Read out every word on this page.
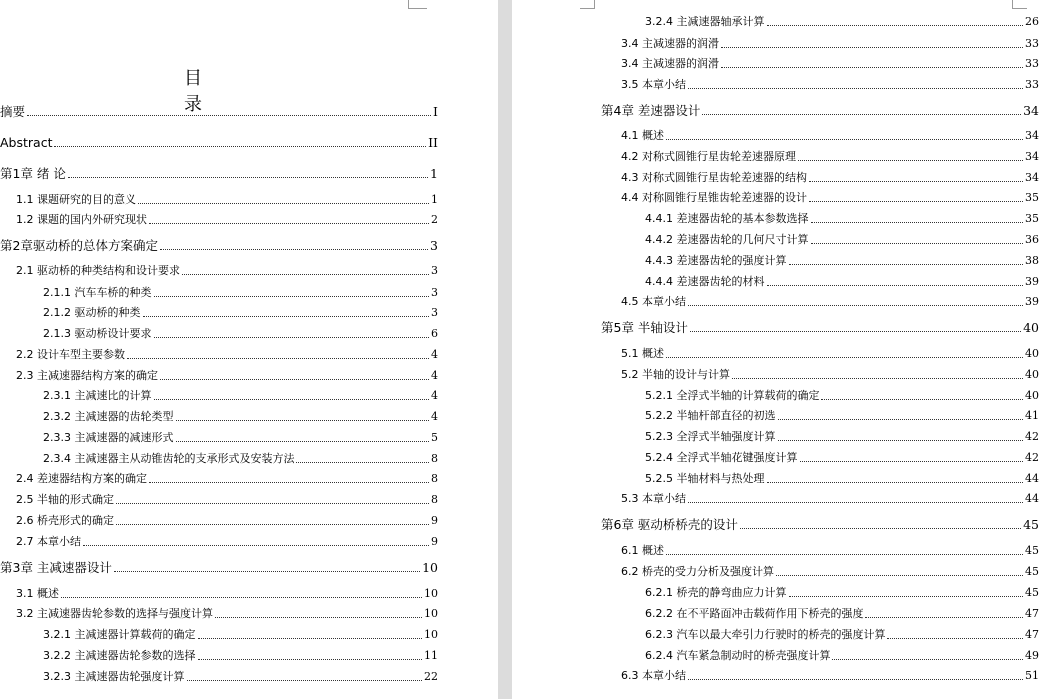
目 录
摘要	I
Abstract	II
第1章 绪 论	1
1.1 课题研究的目的意义	1
1.2 课题的国内外研究现状	2
第2章驱动桥的总体方案确定	3
2.1 驱动桥的种类结构和设计要求	3
2.1.1 汽车车桥的种类	3
2.1.2 驱动桥的种类	3
2.1.3 驱动桥设计要求	6
2.2 设计车型主要参数	4
2.3 主减速器结构方案的确定	4
2.3.1 主减速比的计算	4
2.3.2 主减速器的齿轮类型	4
2.3.3 主减速器的减速形式	5
2.3.4 主减速器主从动锥齿轮的支承形式及安装方法	8
2.4 差速器结构方案的确定	8
2.5 半轴的形式确定	8
2.6 桥壳形式的确定	9
2.7 本章小结	9
第3章 主减速器设计	10
3.1 概述	10
3.2 主减速器齿轮参数的选择与强度计算	10
3.2.1 主减速器计算载荷的确定	10
3.2.2 主减速器齿轮参数的选择	11
3.2.3 主减速器齿轮强度计算	22
3.2.4 主减速器轴承计算	26
3.4 主减速器的润滑	33
3.4 主减速器的润滑	33
3.5 本章小结	33
第4章 差速器设计	34
4.1 概述	34
4.2 对称式圆锥行星齿轮差速器原理	34
4.3 对称式圆锥行星齿轮差速器的结构	34
4.4 对称圆锥行星锥齿轮差速器的设计	35
4.4.1 差速器齿轮的基本参数选择	35
4.4.2 差速器齿轮的几何尺寸计算	36
4.4.3 差速器齿轮的强度计算	38
4.4.4 差速器齿轮的材料	39
4.5 本章小结	39
第5章 半轴设计	40
5.1 概述	40
5.2 半轴的设计与计算	40
5.2.1 全浮式半轴的计算载荷的确定	40
5.2.2 半轴杆部直径的初选	41
5.2.3 全浮式半轴强度计算	42
5.2.4 全浮式半轴花键强度计算	42
5.2.5 半轴材料与热处理	44
5.3 本章小结	44
第6章 驱动桥桥壳的设计	45
6.1 概述	45
6.2 桥壳的受力分析及强度计算	45
6.2.1 桥壳的静弯曲应力计算	45
6.2.2 在不平路面冲击载荷作用下桥壳的强度	47
6.2.3 汽车以最大牵引力行驶时的桥壳的强度计算	47
6.2.4 汽车紧急制动时的桥壳强度计算	49
6.3 本章小结	51
